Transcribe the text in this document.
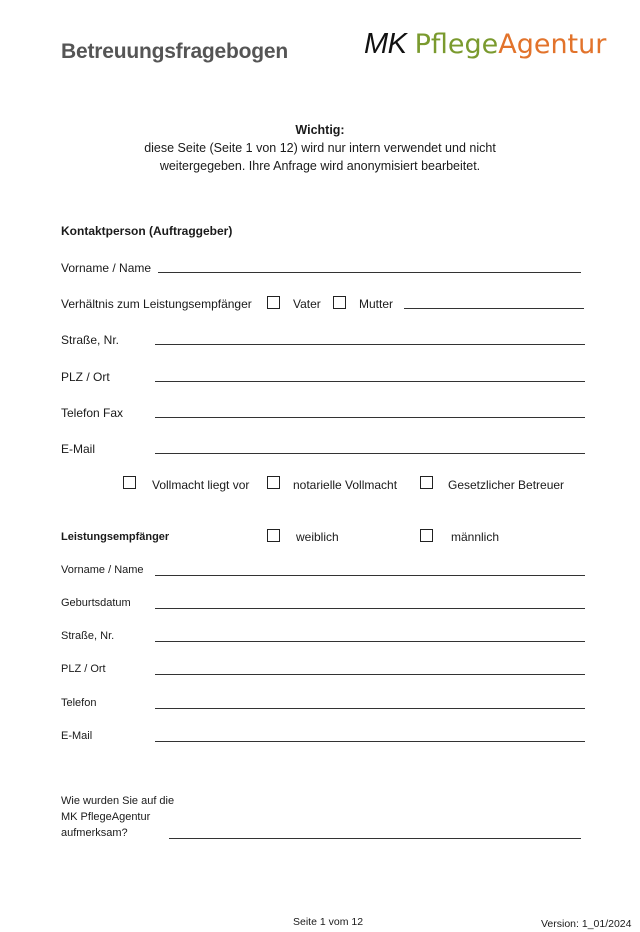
Betreuungsfragebogen	MK PflegeAgentur
Wichtig:
diese Seite (Seite 1 von 12) wird nur intern verwendet und nicht
weitergegeben. Ihre Anfrage wird anonymisiert bearbeitet.
Kontaktperson (Auftraggeber)
Vorname / Name
Verhältnis zum Leistungsempfänger	Vater	Mutter
Straße, Nr.
PLZ / Ort
Telefon Fax
E-Mail
Vollmacht liegt vor	notarielle Vollmacht	Gesetzlicher Betreuer
Leistungsempfänger	weiblich	männlich
Vorname / Name
Geburtsdatum
Straße, Nr.
PLZ / Ort
Telefon
E-Mail
Wie wurden Sie auf die
MK PflegeAgentur
aufmerksam?
Seite 1 vom 12	Version: 1_01/2024
